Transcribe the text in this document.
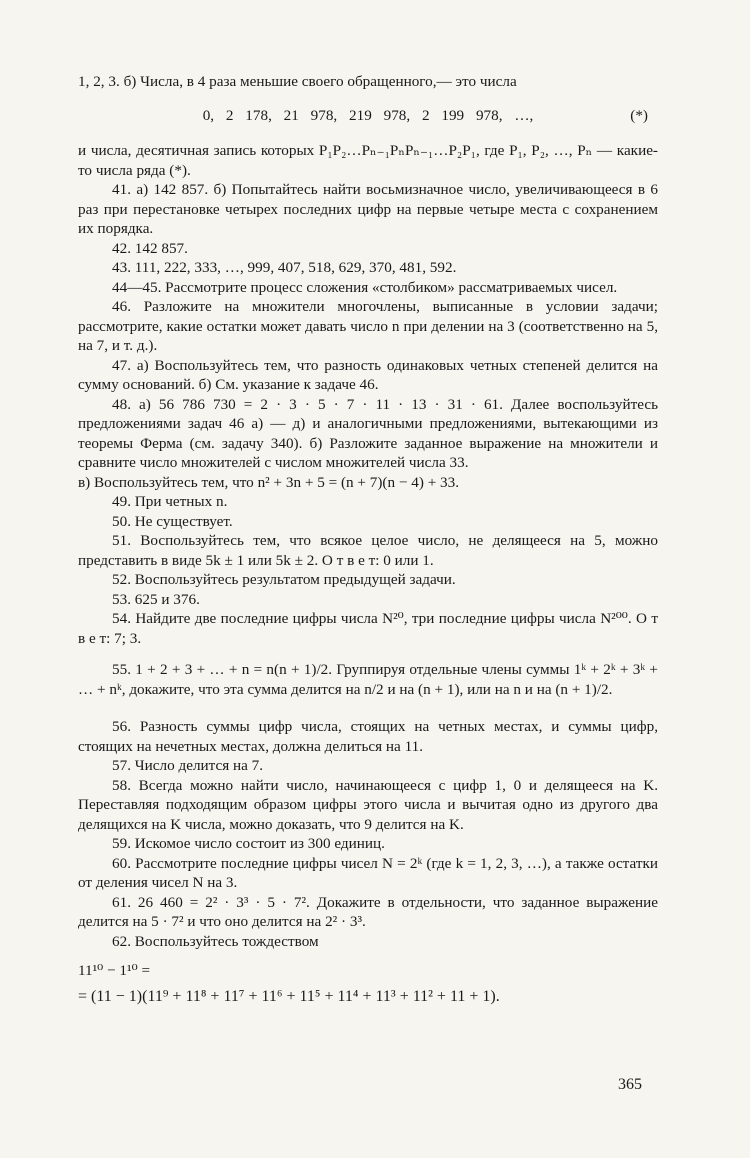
1, 2, 3. б) Числа, в 4 раза меньшие своего обращенного,— это числа

0, 2 178, 21 978, 219 978, 2 199 978, …,	(*)

и числа, десятичная запись которых P₁P₂…Pₙ₋₁PₙPₙ₋₁…P₂P₁, где P₁, P₂, …, Pₙ — какие-то числа ряда (*).

41. а) 142 857. б) Попытайтесь найти восьмизначное число, увеличивающееся в 6 раз при перестановке четырех последних цифр на первые четыре места с сохранением их порядка.

42. 142 857.

43. 111, 222, 333, …, 999, 407, 518, 629, 370, 481, 592.

44—45. Рассмотрите процесс сложения «столбиком» рассматриваемых чисел.

46. Разложите на множители многочлены, выписанные в условии задачи; рассмотрите, какие остатки может давать число n при делении на 3 (соответственно на 5, на 7, и т. д.).

47. а) Воспользуйтесь тем, что разность одинаковых четных степеней делится на сумму оснований. б) См. указание к задаче 46.

48. а) 56 786 730 = 2 · 3 · 5 · 7 · 11 · 13 · 31 · 61. Далее воспользуйтесь предложениями задач 46 а) — д) и аналогичными предложениями, вытекающими из теоремы Ферма (см. задачу 340). б) Разложите заданное выражение на множители и сравните число множителей с числом множителей числа 33.

в) Воспользуйтесь тем, что n² + 3n + 5 = (n + 7)(n − 4) + 33.

49. При четных n.

50. Не существует.

51. Воспользуйтесь тем, что всякое целое число, не делящееся на 5, можно представить в виде 5k ± 1 или 5k ± 2. О т в е т: 0 или 1.

52. Воспользуйтесь результатом предыдущей задачи.

53. 625 и 376.

54. Найдите две последние цифры числа N²⁰, три последние цифры числа N²⁰⁰. О т в е т: 7; 3.

55. 1 + 2 + 3 + … + n = n(n + 1)/2. Группируя отдельные члены суммы 1ᵏ + 2ᵏ + 3ᵏ + … + nᵏ, докажите, что эта сумма делится на n/2 и на (n + 1), или на n и на (n + 1)/2.

56. Разность суммы цифр числа, стоящих на четных местах, и суммы цифр, стоящих на нечетных местах, должна делиться на 11.

57. Число делится на 7.

58. Всегда можно найти число, начинающееся с цифр 1, 0 и делящееся на K. Переставляя подходящим образом цифры этого числа и вычитая одно из другого два делящихся на K числа, можно доказать, что 9 делится на K.

59. Искомое число состоит из 300 единиц.

60. Рассмотрите последние цифры чисел N = 2ᵏ (где k = 1, 2, 3, …), а также остатки от деления чисел N на 3.

61. 26 460 = 2² · 3³ · 5 · 7². Докажите в отдельности, что заданное выражение делится на 5 · 7² и что оно делится на 2² · 3³.

62. Воспользуйтесь тождеством

11¹⁰ − 1¹⁰ =

= (11 − 1)(11⁹ + 11⁸ + 11⁷ + 11⁶ + 11⁵ + 11⁴ + 11³ + 11² + 11 + 1).

365
